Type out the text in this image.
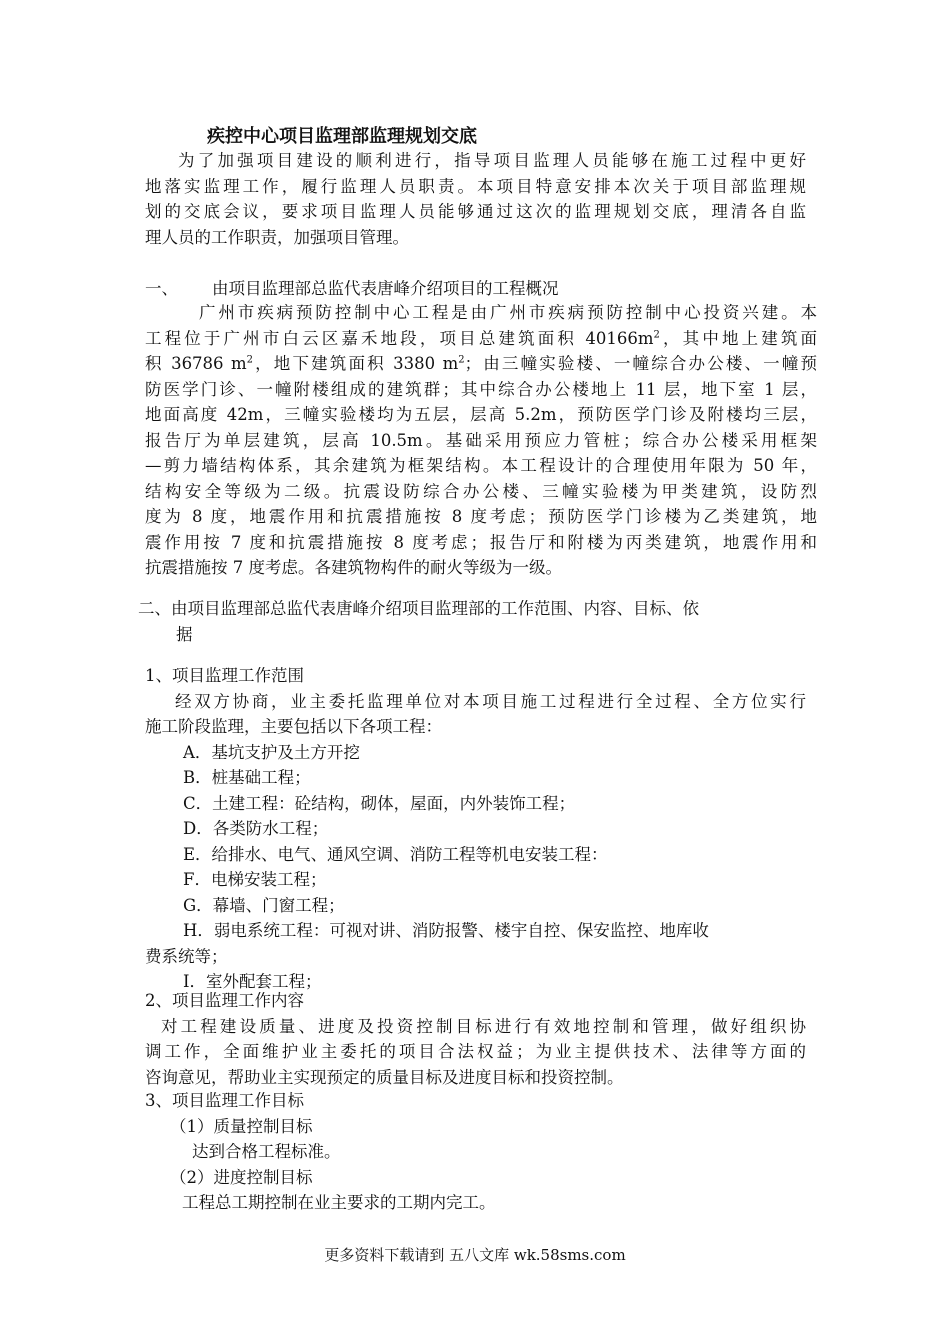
疾控中心项目监理部监理规划交底
为了加强项目建设的顺利进行，指导项目监理人员能够在施工过程中更好
地落实监理工作，履行监理人员职责。本项目特意安排本次关于项目部监理规
划的交底会议，要求项目监理人员能够通过这次的监理规划交底，理清各自监
理人员的工作职责，加强项目管理。
一、 由项目监理部总监代表唐峰介绍项目的工程概况
广州市疾病预防控制中心工程是由广州市疾病预防控制中心投资兴建。本
工程位于广州市白云区嘉禾地段，项目总建筑面积 $40166m^2$，其中地上建筑面
积 36786 $m^2$，地下建筑面积 3380 $m^2$；由三幢实验楼、一幢综合办公楼、一幢预
防医学门诊、一幢附楼组成的建筑群；其中综合办公楼地上 11 层，地下室 1 层，
地面高度 42m，三幢实验楼均为五层，层高 5.2m，预防医学门诊及附楼均三层，
报告厅为单层建筑，层高 10.5m。基础采用预应力管桩；综合办公楼采用框架
—剪力墙结构体系，其余建筑为框架结构。本工程设计的合理使用年限为 50 年，
结构安全等级为二级。抗震设防综合办公楼、三幢实验楼为甲类建筑，设防烈
度为 8 度，地震作用和抗震措施按 8 度考虑；预防医学门诊楼为乙类建筑，地
震作用按 7 度和抗震措施按 8 度考虑；报告厅和附楼为丙类建筑，地震作用和
抗震措施按 7 度考虑。各建筑物构件的耐火等级为一级。
二、由项目监理部总监代表唐峰介绍项目监理部的工作范围、内容、目标、依
据
1、项目监理工作范围
经双方协商，业主委托监理单位对本项目施工过程进行全过程、全方位实行
施工阶段监理，主要包括以下各项工程：
A．基坑支护及土方开挖
B．桩基础工程；
C．土建工程：砼结构，砌体，屋面，内外装饰工程；
D．各类防水工程；
E．给排水、电气、通风空调、消防工程等机电安装工程：
F．电梯安装工程；
G．幕墙、门窗工程；
H．弱电系统工程：可视对讲、消防报警、楼宇自控、保安监控、地库收
费系统等；
I．室外配套工程；
2、项目监理工作内容
对工程建设质量、进度及投资控制目标进行有效地控制和管理，做好组织协
调工作，全面维护业主委托的项目合法权益；为业主提供技术、法律等方面的
咨询意见，帮助业主实现预定的质量目标及进度目标和投资控制。
3、项目监理工作目标
（1）质量控制目标
达到合格工程标准。
（2）进度控制目标
工程总工期控制在业主要求的工期内完工。
更多资料下载请到 五八文库 wk.58sms.com
